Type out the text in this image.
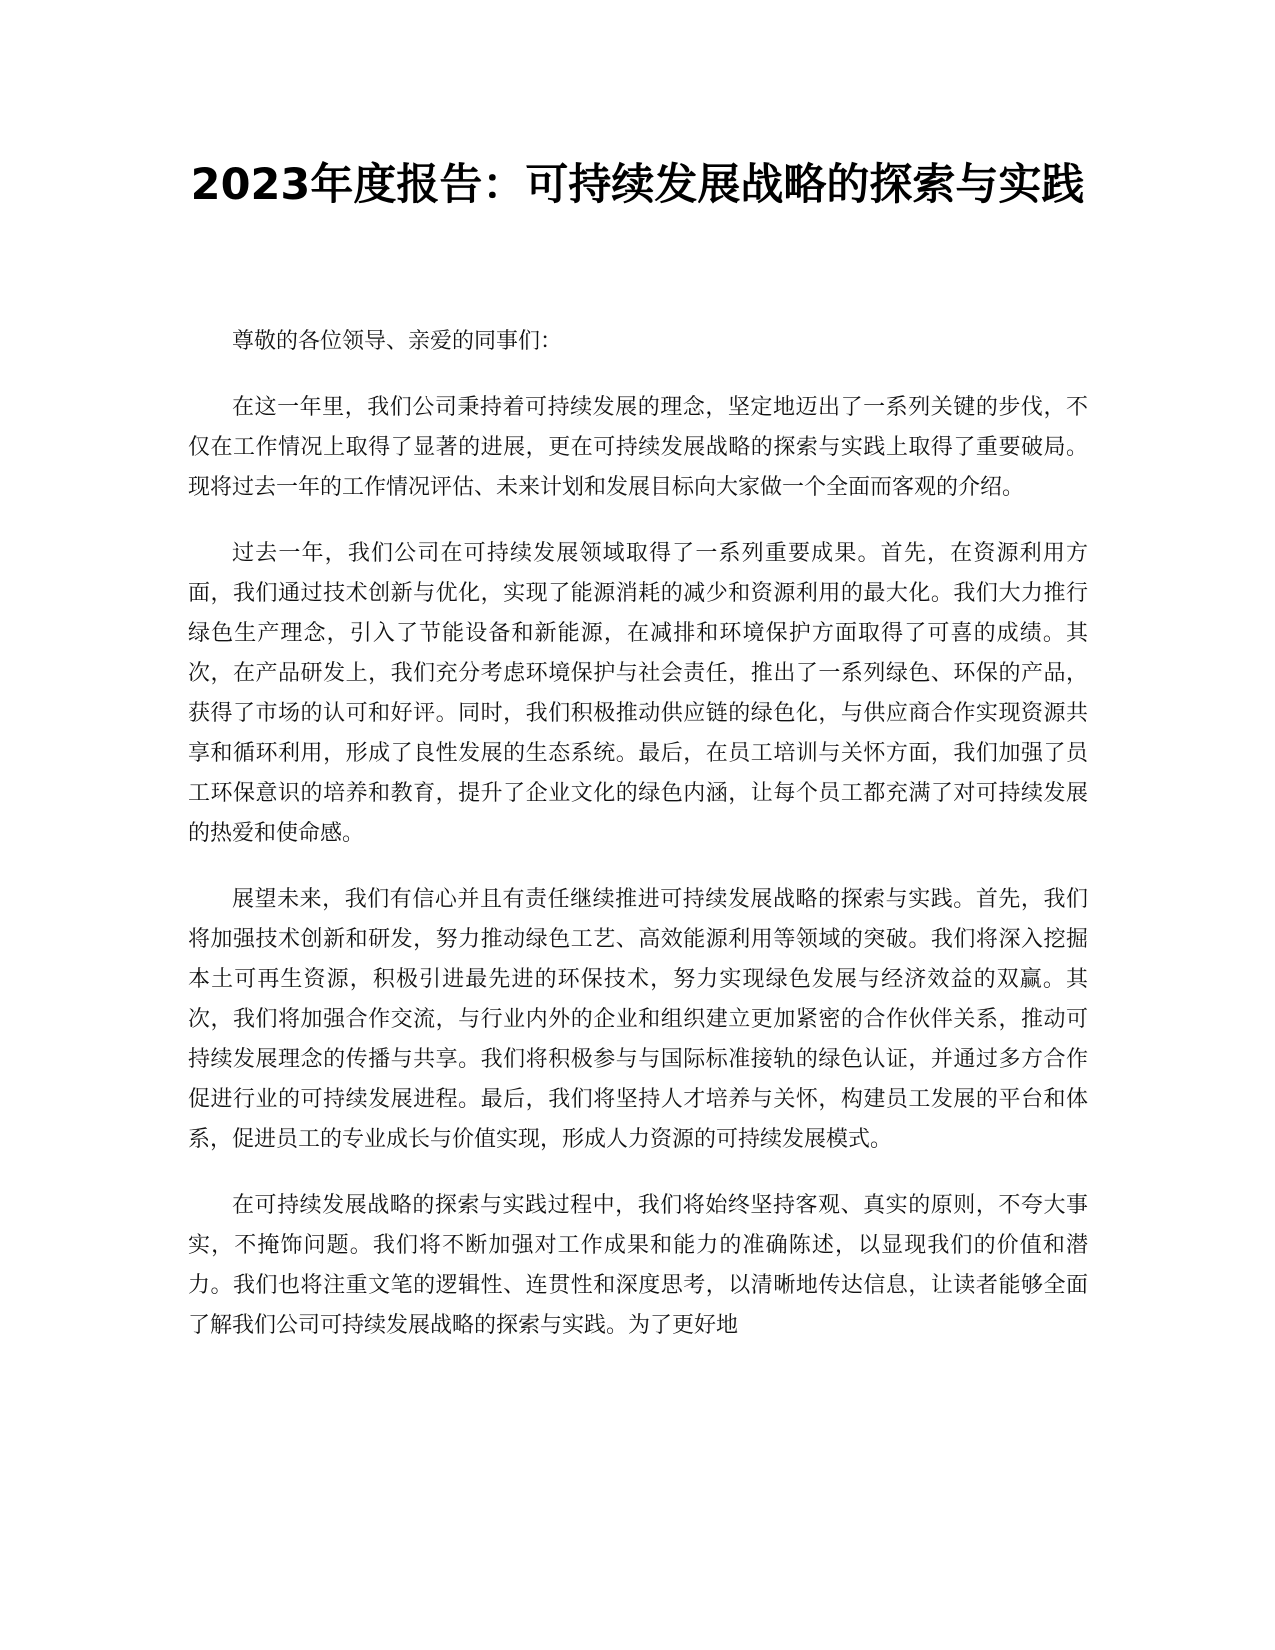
2023年度报告：可持续发展战略的探索与实践

尊敬的各位领导、亲爱的同事们：

在这一年里，我们公司秉持着可持续发展的理念，坚定地迈出了一系列关键的步伐，不仅在工作情况上取得了显著的进展，更在可持续发展战略的探索与实践上取得了重要破局。现将过去一年的工作情况评估、未来计划和发展目标向大家做一个全面而客观的介绍。

过去一年，我们公司在可持续发展领域取得了一系列重要成果。首先，在资源利用方面，我们通过技术创新与优化，实现了能源消耗的减少和资源利用的最大化。我们大力推行绿色生产理念，引入了节能设备和新能源，在减排和环境保护方面取得了可喜的成绩。其次，在产品研发上，我们充分考虑环境保护与社会责任，推出了一系列绿色、环保的产品，获得了市场的认可和好评。同时，我们积极推动供应链的绿色化，与供应商合作实现资源共享和循环利用，形成了良性发展的生态系统。最后，在员工培训与关怀方面，我们加强了员工环保意识的培养和教育，提升了企业文化的绿色内涵，让每个员工都充满了对可持续发展的热爱和使命感。

展望未来，我们有信心并且有责任继续推进可持续发展战略的探索与实践。首先，我们将加强技术创新和研发，努力推动绿色工艺、高效能源利用等领域的突破。我们将深入挖掘本土可再生资源，积极引进最先进的环保技术，努力实现绿色发展与经济效益的双赢。其次，我们将加强合作交流，与行业内外的企业和组织建立更加紧密的合作伙伴关系，推动可持续发展理念的传播与共享。我们将积极参与与国际标准接轨的绿色认证，并通过多方合作促进行业的可持续发展进程。最后，我们将坚持人才培养与关怀，构建员工发展的平台和体系，促进员工的专业成长与价值实现，形成人力资源的可持续发展模式。

在可持续发展战略的探索与实践过程中，我们将始终坚持客观、真实的原则，不夸大事实，不掩饰问题。我们将不断加强对工作成果和能力的准确陈述，以显现我们的价值和潜力。我们也将注重文笔的逻辑性、连贯性和深度思考，以清晰地传达信息，让读者能够全面了解我们公司可持续发展战略的探索与实践。为了更好地
